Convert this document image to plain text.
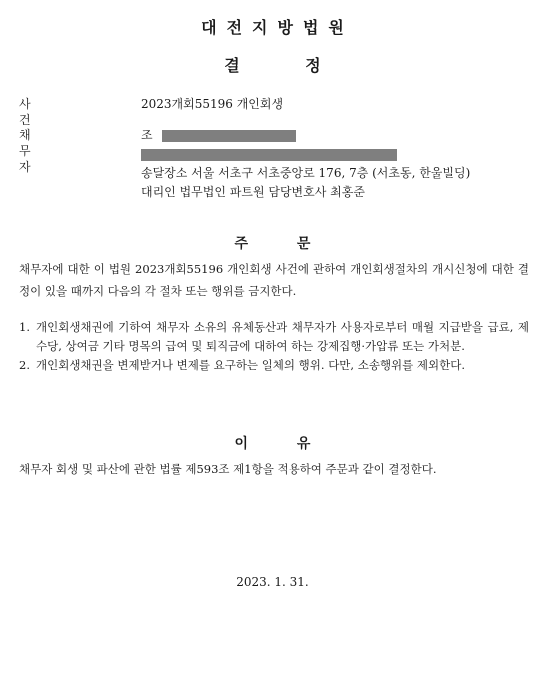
대전지방법원
결 정
사 건
2023개회55196 개인회생
채 무 자
조
송달장소 서울 서초구 서초중앙로 176, 7층 (서초동, 한울빌딩)
대리인 법무법인 파트원 담당변호사 최홍준
주 문
채무자에 대한 이 법원 2023개회55196 개인회생 사건에 관하여 개인회생절차의 개시신청에 대한 결정이 있을 때까지 다음의 각 절차 또는 행위를 금지한다.
1. 개인회생채권에 기하여 채무자 소유의 유체동산과 채무자가 사용자로부터 매월 지급받을 급료, 제수당, 상여금 기타 명목의 급여 및 퇴직금에 대하여 하는 강제집행·가압류 또는 가처분.
2. 개인회생채권을 변제받거나 변제를 요구하는 일체의 행위. 다만, 소송행위를 제외한다.
이 유
채무자 회생 및 파산에 관한 법률 제593조 제1항을 적용하여 주문과 같이 결정한다.
2023. 1. 31.
